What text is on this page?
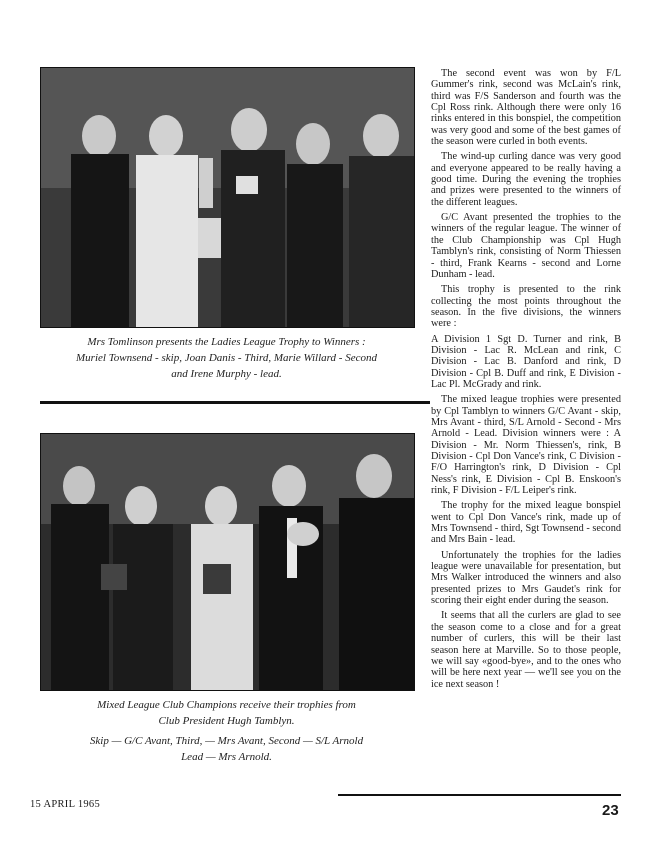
Mrs Tomlinson presents the Ladies League Trophy to Winners :

Muriel Townsend - skip, Joan Danis - Third, Marie Willard - Second

and Irene Murphy - lead.

Mixed League Club Champions receive their trophies from

Club President Hugh Tamblyn.

Skip — G/C Avant, Third, — Mrs Avant, Second — S/L Arnold

Lead — Mrs Arnold.

The second event was won by F/L Gummer's rink, second was McLain's rink, third was F/S Sanderson and fourth was the Cpl Ross rink. Although there were only 16 rinks entered in this bonspiel, the competition was very good and some of the best games of the season were curled in both events.

The wind-up curling dance was very good and everyone appeared to be really having a good time. During the evening the trophies and prizes were presented to the winners of the different leagues.

G/C Avant presented the trophies to the winners of the regular league. The winner of the Club Championship was Cpl Hugh Tamblyn's rink, consisting of Norm Thiessen - third, Frank Kearns - second and Lorne Dunham - lead.

This trophy is presented to the rink collecting the most points throughout the season. In the five divisions, the winners were :

A Division 1 Sgt D. Turner and rink, B Division - Lac R. McLean and rink, C Division - Lac B. Danford and rink, D Division - Cpl B. Duff and rink, E Division - Lac Pl. McGrady and rink.

The mixed league trophies were presented by Cpl Tamblyn to winners G/C Avant - skip, Mrs Avant - third, S/L Arnold - Second - Mrs Arnold - Lead. Division winners were : A Division - Mr. Norm Thiessen's, rink, B Division - Cpl Don Vance's rink, C Division - F/O Harrington's rink, D Division - Cpl Ness's rink, E Division - Cpl B. Enskoon's rink, F Division - F/L Leiper's rink.

The trophy for the mixed league bonspiel went to Cpl Don Vance's rink, made up of Mrs Townsend - third, Sgt Townsend - second and Mrs Bain - lead.

Unfortunately the trophies for the ladies league were unavailable for presentation, but Mrs Walker introduced the winners and also presented prizes to Mrs Gaudet's rink for scoring their eight ender during the season.

It seems that all the curlers are glad to see the season come to a close and for a great number of curlers, this will be their last season here at Marville. So to those people, we will say «good-bye», and to the ones who will be here next year — we'll see you on the ice next season !

15 APRIL 1965	23
